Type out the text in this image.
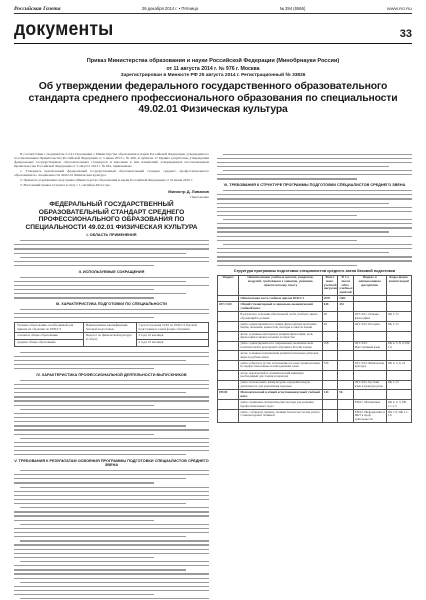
Российская Газета	26 декабря 2014 г. • Пятница	№ 294 (6566)	WWW.RG.RU
документы	33
Приказ Министерства образования и науки Российской Федерации (Минобрнауки России)
от 11 августа 2014 г. № 976 г. Москва
Зарегистрирован в Минюсте РФ 25 августа 2014 г. Регистрационный № 33826
Об утверждении федерального государственного образовательного стандарта среднего профессионального образования по специальности 49.02.01 Физическая культура

В соответствии с подпунктом 5.2.41 Положения о Министерстве образования и науки Российской Федерации, утвержденного постановлением Правительства Российской Федерации от 3 июня 2013 г. № 466, и пунктом 17 Правил разработки, утверждения федеральных государственных образовательных стандартов и внесения в них изменений, утвержденных постановлением Правительства Российской Федерации от 5 августа 2013 г. № 661, приказываю:

1. Утвердить прилагаемый федеральный государственный образовательный стандарт среднего профессионального образования по специальности 49.02.01 Физическая культура.

2. Признать утратившим силу приказ Министерства образования и науки Российской Федерации от 16 июня 2010 г.

3. Настоящий приказ вступает в силу с 1 сентября 2014 года.

Министр Д. Ливанов
Приложение
ФЕДЕРАЛЬНЫЙ ГОСУДАРСТВЕННЫЙ ОБРАЗОВАТЕЛЬНЫЙ СТАНДАРТ СРЕДНЕГО ПРОФЕССИОНАЛЬНОГО ОБРАЗОВАНИЯ ПО СПЕЦИАЛЬНОСТИ 49.02.01 ФИЗИЧЕСКАЯ КУЛЬТУРА
I. ОБЛАСТЬ ПРИМЕНЕНИЯ
II. ИСПОЛЬЗУЕМЫЕ СОКРАЩЕНИЯ
III. ХАРАКТЕРИСТИКА ПОДГОТОВКИ ПО СПЕЦИАЛЬНОСТИ
Уровень образования, необходимый для приема на обучение по ППССЗ	Наименование квалификации базовой подготовки	Срок получения СПО по ППССЗ базовой подготовки в очной форме обучения
основное общее образование	Педагог по физической культуре и спорту	3 года 10 месяцев
среднее общее образование		2 года 10 месяцев
IV. ХАРАКТЕРИСТИКА ПРОФЕССИОНАЛЬНОЙ ДЕЯТЕЛЬНОСТИ ВЫПУСКНИКОВ
V. ТРЕБОВАНИЯ К РЕЗУЛЬТАТАМ ОСВОЕНИЯ ПРОГРАММЫ ПОДГОТОВКИ СПЕЦИАЛИСТОВ СРЕДНЕГО ЗВЕНА
VI. ТРЕБОВАНИЯ К СТРУКТУРЕ ПРОГРАММЫ ПОДГОТОВКИ СПЕЦИАЛИСТОВ СРЕДНЕГО ЗВЕНА
Структура программы подготовки специалистов среднего звена базовой подготовки
Индекс	Наименование учебных циклов, разделов, модулей, требования к знаниям, умениям, практическому опыту	Всего макс. учебной нагрузки	В т.ч. часов обяз. учебных занятий	Индекс и наименование дисциплин	Коды форм. компетенций
	Обязательная часть учебных циклов ППССЗ	2078	1384		
ОГСЭ.00	Общий гуманитарный и социально-экономический учебный цикл	648	432		
	В результате освоения обязательной части учебного цикла обучающийся должен:	48		ОГСЭ.01. Основы философии	ОК 1-13
	уметь: ориентироваться в общих философских проблемах бытия, познания, ценностей, свободы и смысла жизни	48		ОГСЭ.02. История	ОК 1-13
	знать: основные категории и понятия философии; роль философии в жизни человека и общества				
	уметь: ориентироваться в современной экономической, политической и культурной ситуации в России и мире	168		ОГСЭ.03. Иностранный язык	ОК 4, 5, 8, 9; ПК 1.4
	знать: основные направления развития ключевых регионов мира на рубеже веков				
	уметь: общаться (устно и письменно) на иностранном языке на профессиональные и повседневные темы	336		ОГСЭ.04. Физическая культура	ОК 2, 3, 6, 10
	знать: лексический и грамматический минимум, необходимый для чтения и перевода				
	уметь: использовать физкультурно-оздоровительную деятельность для укрепления здоровья			ОГСЭ.05. Русский язык и культура речи	ОК 1-13
ЕН.00	Математический и общий естественнонаучный учебный цикл	144	96		
	уметь: применять математические методы для решения профессиональных задач			ЕН.01. Математика	ОК 2, 4, 5; ПК 1.1-1.3
	уметь: соблюдать правила техники безопасности при работе с компьютерной техникой			ЕН.02. Информатика и ИКТ в проф. деятельности	ОК 1-9; ПК 1.1-1.6
